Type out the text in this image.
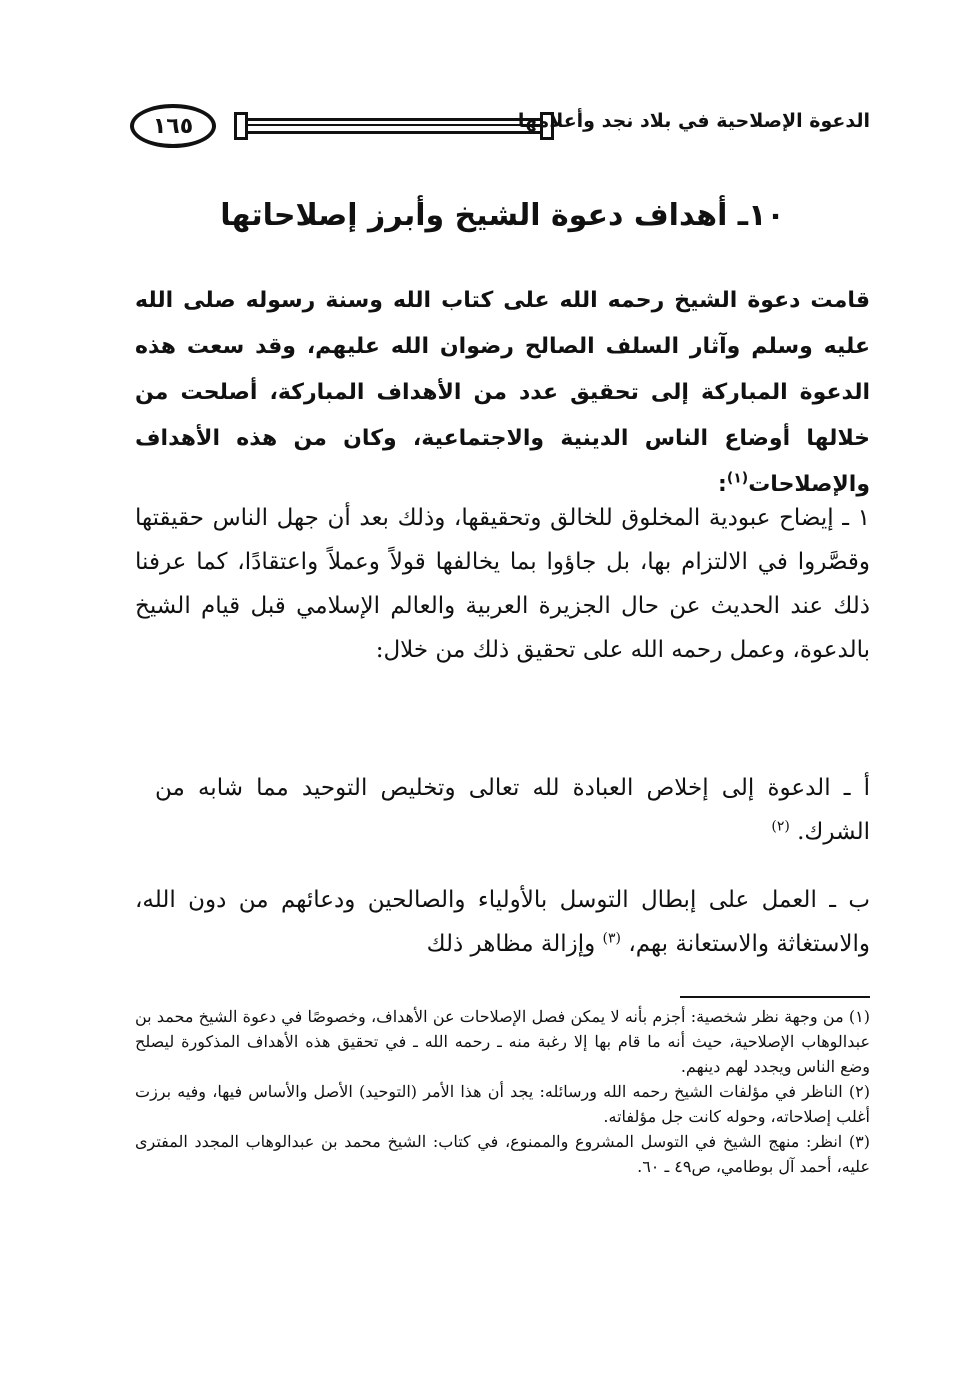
١٦٥	الدعوة الإصلاحية في بلاد نجد وأعلامها
١٠ـ أهداف دعوة الشيخ وأبرز إصلاحاتها

قامت دعوة الشيخ رحمه الله على كتاب الله وسنة رسوله صلى الله عليه وسلم وآثار السلف الصالح رضوان الله عليهم، وقد سعت هذه الدعوة المباركة إلى تحقيق عدد من الأهداف المباركة، أصلحت من خلالها أوضاع الناس الدينية والاجتماعية، وكان من هذه الأهداف والإصلاحات$^{(١)}$:

١ ـ إيضاح عبودية المخلوق للخالق وتحقيقها، وذلك بعد أن جهل الناس حقيقتها وقصَّروا في الالتزام بها، بل جاؤوا بما يخالفها قولاً وعملاً واعتقادًا، كما عرفنا ذلك عند الحديث عن حال الجزيرة العربية والعالم الإسلامي قبل قيام الشيخ بالدعوة، وعمل رحمه الله على تحقيق ذلك من خلال:

أ ـ الدعوة إلى إخلاص العبادة لله تعالى وتخليص التوحيد مما شابه من الشرك. $^{(٢)}$

ب ـ العمل على إبطال التوسل بالأولياء والصالحين ودعائهم من دون الله، والاستغاثة والاستعانة بهم، $^{(٣)}$ وإزالة مظاهر ذلك

(١) من وجهة نظر شخصية: أجزم بأنه لا يمكن فصل الإصلاحات عن الأهداف، وخصوصًا في دعوة الشيخ محمد بن عبدالوهاب الإصلاحية، حيث أنه ما قام بها إلا رغبة منه ـ رحمه الله ـ في تحقيق هذه الأهداف المذكورة ليصلح وضع الناس ويجدد لهم دينهم.

(٢) الناظر في مؤلفات الشيخ رحمه الله ورسائله: يجد أن هذا الأمر (التوحيد) الأصل والأساس فيها، وفيه برزت أغلب إصلاحاته، وحوله كانت جل مؤلفاته.

(٣) انظر: منهج الشيخ في التوسل المشروع والممنوع، في كتاب: الشيخ محمد بن عبدالوهاب المجدد المفترى عليه، أحمد آل بوطامي، ص٤٩ ـ ٦٠.
